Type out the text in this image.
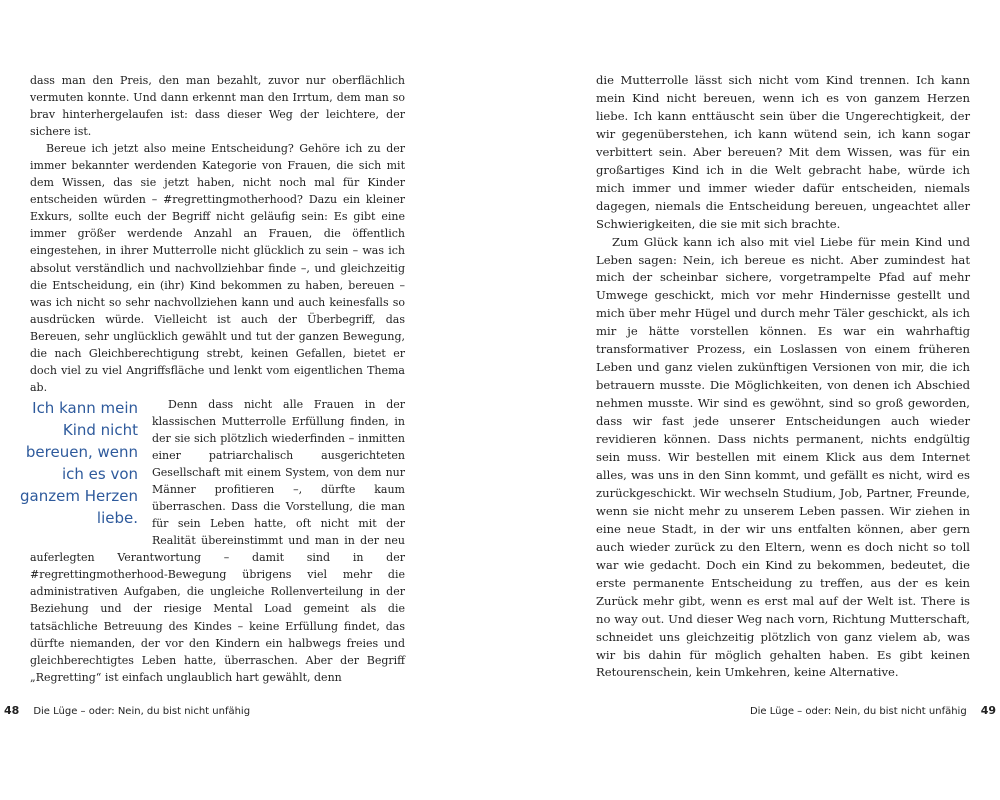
dass man den Preis, den man bezahlt, zuvor nur oberflächlich vermuten konnte. Und dann erkennt man den Irrtum, dem man so brav hinterhergelaufen ist: dass dieser Weg der leichtere, der sichere ist.

Bereue ich jetzt also meine Entscheidung? Gehöre ich zu der immer bekannter werdenden Kategorie von Frauen, die sich mit dem Wissen, das sie jetzt haben, nicht noch mal für Kinder entscheiden würden – #regrettingmotherhood? Dazu ein kleiner Exkurs, sollte euch der Begriff nicht geläufig sein: Es gibt eine immer größer werdende Anzahl an Frauen, die öffentlich eingestehen, in ihrer Mutterrolle nicht glücklich zu sein – was ich absolut verständlich und nachvollziehbar finde –, und gleichzeitig die Entscheidung, ein (ihr) Kind bekommen zu haben, bereuen – was ich nicht so sehr nachvollziehen kann und auch keinesfalls so ausdrücken würde. Vielleicht ist auch der Überbegriff, das Bereuen, sehr unglücklich gewählt und tut der ganzen Bewegung, die nach Gleichberechtigung strebt, keinen Gefallen, bietet er doch viel zu viel Angriffsfläche und lenkt vom eigentlichen Thema ab.

Ich kann mein Kind nicht bereuen, wenn ich es von ganzem Herzen liebe.
Denn dass nicht alle Frauen in der klassischen Mutterrolle Erfüllung finden, in der sie sich plötzlich wiederfinden – inmitten einer patriarchalisch ausgerichteten Gesellschaft mit einem System, von dem nur Männer profitieren –, dürfte kaum überraschen. Dass die Vorstellung, die man für sein Leben hatte, oft nicht mit der Realität übereinstimmt und man in der neu auferlegten Verantwortung – damit sind in der #regrettingmotherhood-Bewegung übrigens viel mehr die administrativen Aufgaben, die ungleiche Rollenverteilung in der Beziehung und der riesige Mental Load gemeint als die tatsächliche Betreuung des Kindes – keine Erfüllung findet, das dürfte niemanden, der vor den Kindern ein halbwegs freies und gleichberechtigtes Leben hatte, überraschen. Aber der Begriff „Regretting“ ist einfach unglaublich hart gewählt, denn

48 Die Lüge – oder: Nein, du bist nicht unfähig

die Mutterrolle lässt sich nicht vom Kind trennen. Ich kann mein Kind nicht bereuen, wenn ich es von ganzem Herzen liebe. Ich kann enttäuscht sein über die Ungerechtigkeit, der wir gegenüberstehen, ich kann wütend sein, ich kann sogar verbittert sein. Aber bereuen? Mit dem Wissen, was für ein großartiges Kind ich in die Welt gebracht habe, würde ich mich immer und immer wieder dafür entscheiden, niemals dagegen, niemals die Entscheidung bereuen, ungeachtet aller Schwierigkeiten, die sie mit sich brachte.

Zum Glück kann ich also mit viel Liebe für mein Kind und Leben sagen: Nein, ich bereue es nicht. Aber zumindest hat mich der scheinbar sichere, vorgetrampelte Pfad auf mehr Umwege geschickt, mich vor mehr Hindernisse gestellt und mich über mehr Hügel und durch mehr Täler geschickt, als ich mir je hätte vorstellen können. Es war ein wahrhaftig transformativer Prozess, ein Loslassen von einem früheren Leben und ganz vielen zukünftigen Versionen von mir, die ich betrauern musste. Die Möglichkeiten, von denen ich Abschied nehmen musste. Wir sind es gewöhnt, sind so groß geworden, dass wir fast jede unserer Entscheidungen auch wieder revidieren können. Dass nichts permanent, nichts endgültig sein muss. Wir bestellen mit einem Klick aus dem Internet alles, was uns in den Sinn kommt, und gefällt es nicht, wird es zurückgeschickt. Wir wechseln Studium, Job, Partner, Freunde, wenn sie nicht mehr zu unserem Leben passen. Wir ziehen in eine neue Stadt, in der wir uns entfalten können, aber gern auch wieder zurück zu den Eltern, wenn es doch nicht so toll war wie gedacht. Doch ein Kind zu bekommen, bedeutet, die erste permanente Entscheidung zu treffen, aus der es kein Zurück mehr gibt, wenn es erst mal auf der Welt ist. There is no way out. Und dieser Weg nach vorn, Richtung Mutterschaft, schneidet uns gleichzeitig plötzlich von ganz vielem ab, was wir bis dahin für möglich gehalten haben. Es gibt keinen Retourenschein, kein Umkehren, keine Alternative.

Die Lüge – oder: Nein, du bist nicht unfähig 49
